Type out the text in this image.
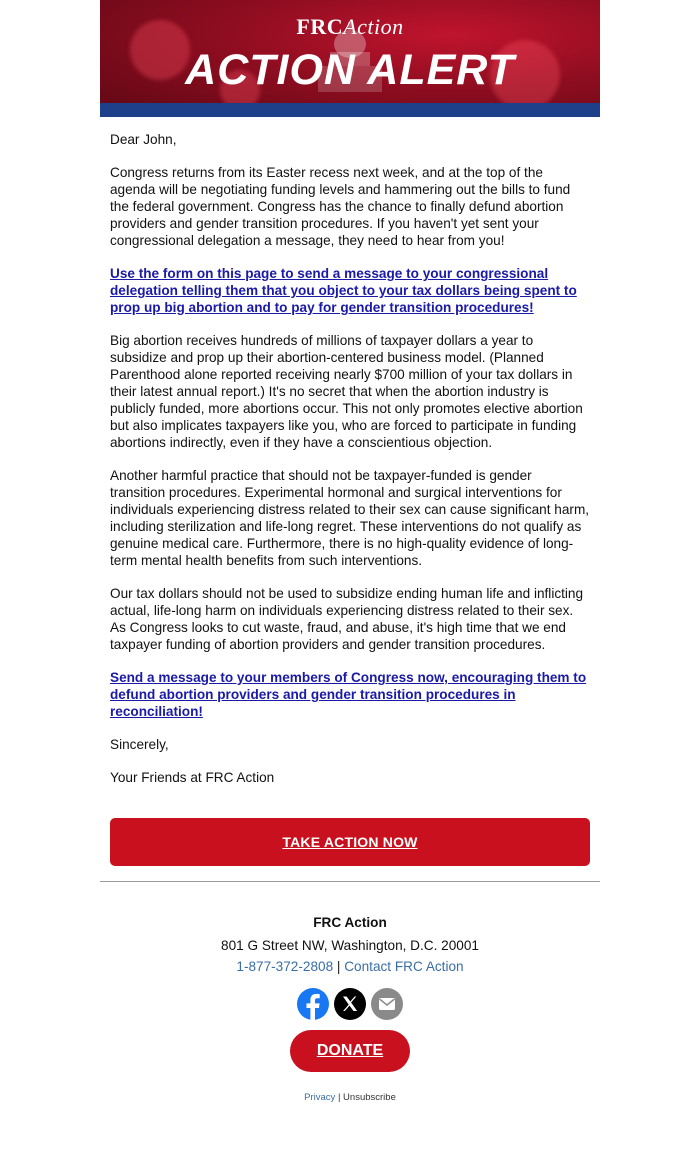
FRCAction
ACTION ALERT

Dear John,

Congress returns from its Easter recess next week, and at the top of the agenda will be negotiating funding levels and hammering out the bills to fund the federal government. Congress has the chance to finally defund abortion providers and gender transition procedures. If you haven't yet sent your congressional delegation a message, they need to hear from you!

Use the form on this page to send a message to your congressional delegation telling them that you object to your tax dollars being spent to prop up big abortion and to pay for gender transition procedures!

Big abortion receives hundreds of millions of taxpayer dollars a year to subsidize and prop up their abortion-centered business model. (Planned Parenthood alone reported receiving nearly $700 million of your tax dollars in their latest annual report.) It's no secret that when the abortion industry is publicly funded, more abortions occur. This not only promotes elective abortion but also implicates taxpayers like you, who are forced to participate in funding abortions indirectly, even if they have a conscientious objection.

Another harmful practice that should not be taxpayer-funded is gender transition procedures. Experimental hormonal and surgical interventions for individuals experiencing distress related to their sex can cause significant harm, including sterilization and life-long regret. These interventions do not qualify as genuine medical care. Furthermore, there is no high-quality evidence of long-term mental health benefits from such interventions.

Our tax dollars should not be used to subsidize ending human life and inflicting actual, life-long harm on individuals experiencing distress related to their sex. As Congress looks to cut waste, fraud, and abuse, it's high time that we end taxpayer funding of abortion providers and gender transition procedures.

Send a message to your members of Congress now, encouraging them to defund abortion providers and gender transition procedures in reconciliation!

Sincerely,

Your Friends at FRC Action

TAKE ACTION NOW
FRC Action
801 G Street NW, Washington, D.C. 20001
1-877-372-2808 | Contact FRC Action
DONATE
Privacy | Unsubscribe
